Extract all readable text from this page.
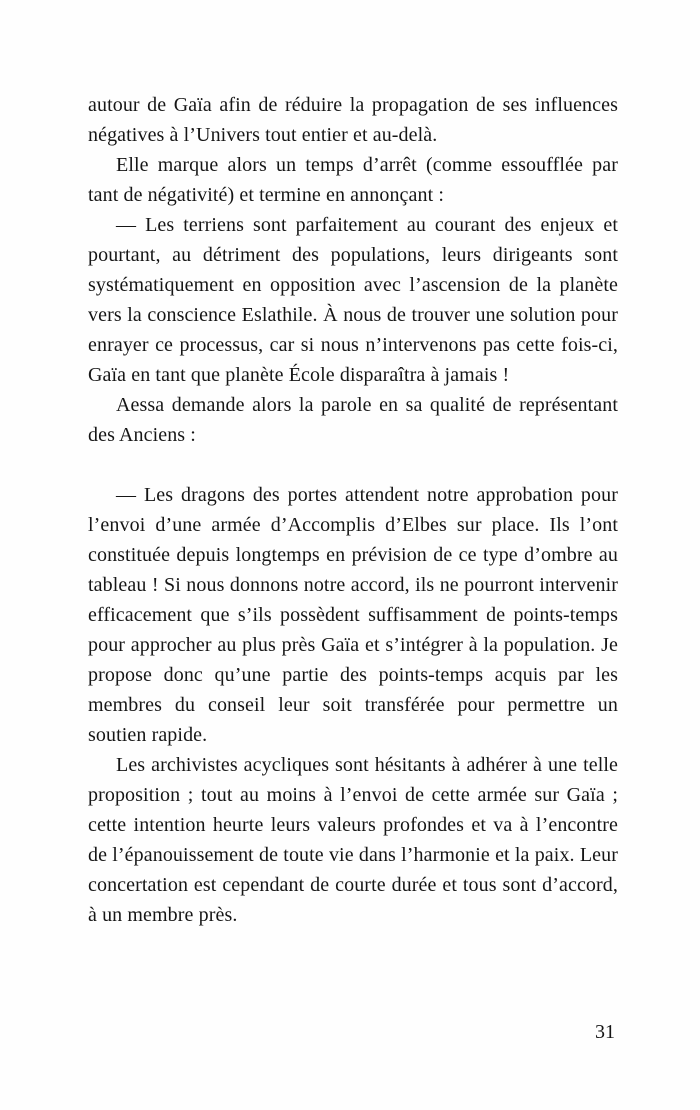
autour de Gaïa afin de réduire la propagation de ses influences négatives à l’Univers tout entier et au-delà.

Elle marque alors un temps d’arrêt (comme essoufflée par tant de négativité) et termine en annonçant :

— Les terriens sont parfaitement au courant des enjeux et pourtant, au détriment des populations, leurs dirigeants sont systématiquement en opposition avec l’ascension de la planète vers la conscience Eslathile. À nous de trouver une solution pour enrayer ce processus, car si nous n’intervenons pas cette fois-ci, Gaïa en tant que planète École disparaîtra à jamais !

Aessa demande alors la parole en sa qualité de représentant des Anciens :

— Les dragons des portes attendent notre approbation pour l’envoi d’une armée d’Accomplis d’Elbes sur place. Ils l’ont constituée depuis longtemps en prévision de ce type d’ombre au tableau ! Si nous donnons notre accord, ils ne pourront intervenir efficacement que s’ils possèdent suffisamment de points-temps pour approcher au plus près Gaïa et s’intégrer à la population. Je propose donc qu’une partie des points-temps acquis par les membres du conseil leur soit transférée pour permettre un soutien rapide.

Les archivistes acycliques sont hésitants à adhérer à une telle proposition ; tout au moins à l’envoi de cette armée sur Gaïa ; cette intention heurte leurs valeurs profondes et va à l’encontre de l’épanouissement de toute vie dans l’harmonie et la paix. Leur concertation est cependant de courte durée et tous sont d’accord, à un membre près.

31
